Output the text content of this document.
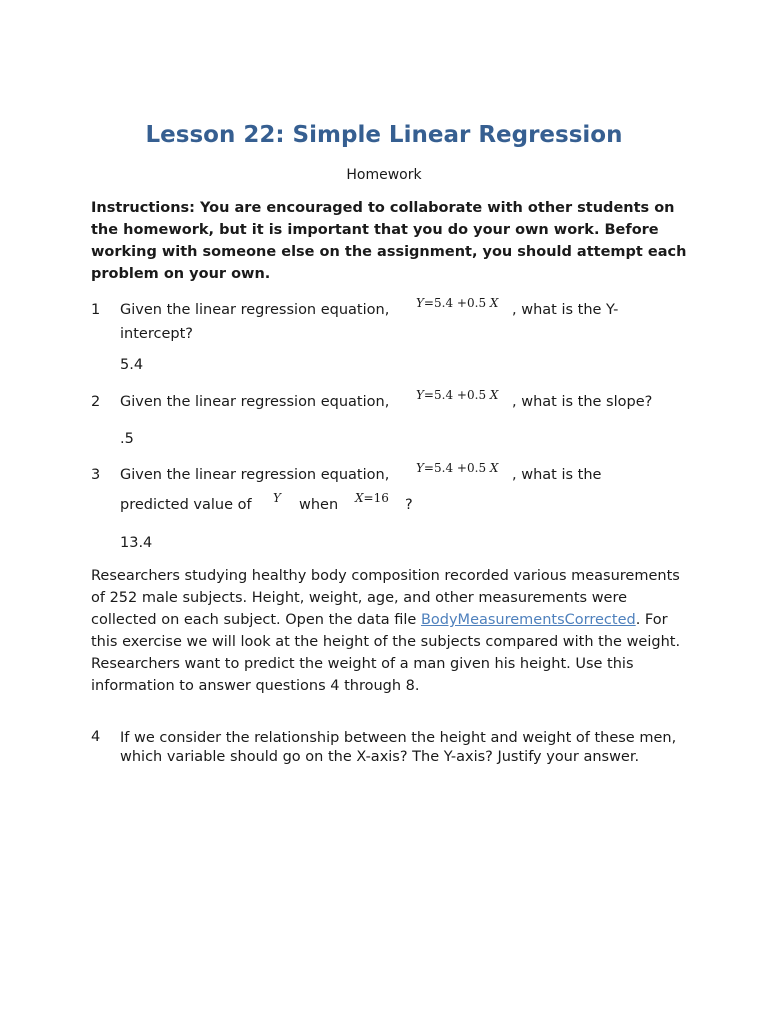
Lesson 22: Simple Linear Regression
Homework
Instructions: You are encouraged to collaborate with other students on the homework, but it is important that you do your own work. Before working with someone else on the assignment, you should attempt each problem on your own.
1 Given the linear regression equation, Y=5.4 +0.5 X , what is the Y-
intercept?
5.4
2 Given the linear regression equation, Y=5.4 +0.5 X , what is the slope?
.5
3 Given the linear regression equation, Y=5.4 +0.5 X , what is the
predicted value of Y when X=16 ?
13.4
Researchers studying healthy body composition recorded various measurements of 252 male subjects. Height, weight, age, and other measurements were collected on each subject. Open the data file BodyMeasurementsCorrected. For this exercise we will look at the height of the subjects compared with the weight. Researchers want to predict the weight of a man given his height. Use this information to answer questions 4 through 8.
4 If we consider the relationship between the height and weight of these men, which variable should go on the X-axis? The Y-axis? Justify your answer.
